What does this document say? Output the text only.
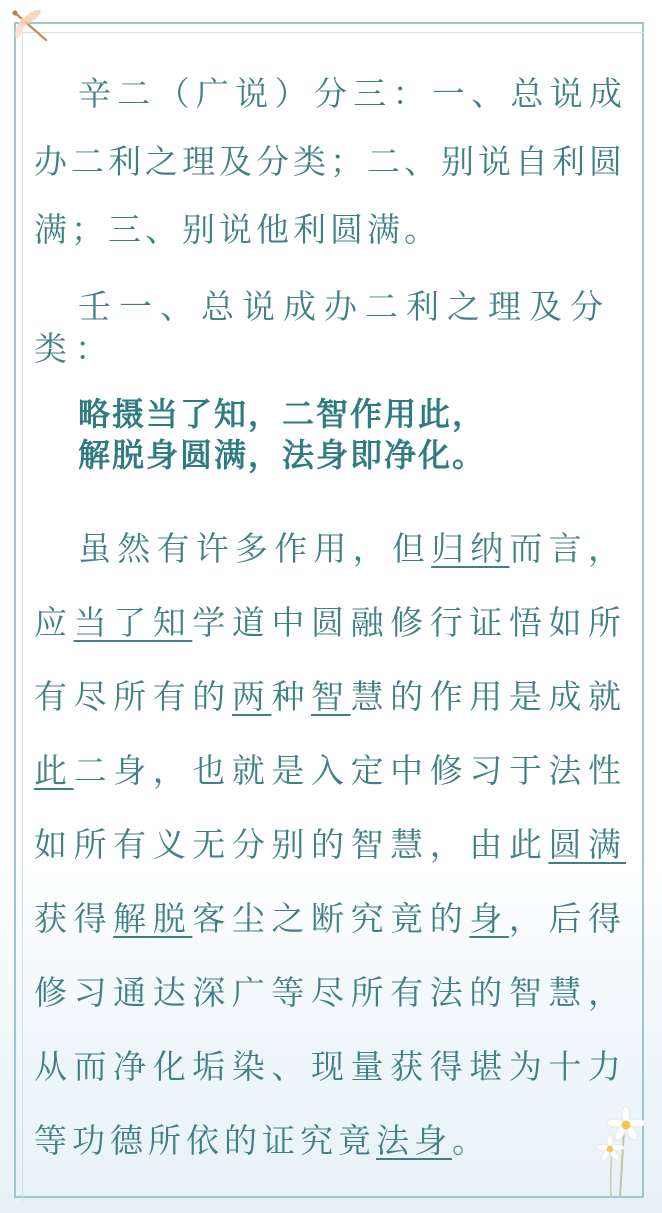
辛二（广说）分三：一、总说成办二利之理及分类；二、别说自利圆满；三、别说他利圆满。

壬一、总说成办二利之理及分类：

略摄当了知，二智作用此，
解脱身圆满，法身即净化。

虽然有许多作用，但归纳而言，应当了知学道中圆融修行证悟如所有尽所有的两种智慧的作用是成就此二身，也就是入定中修习于法性如所有义无分别的智慧，由此圆满获得解脱客尘之断究竟的身，后得修习通达深广等尽所有法的智慧，从而净化垢染、现量获得堪为十力等功德所依的证究竟法身。
